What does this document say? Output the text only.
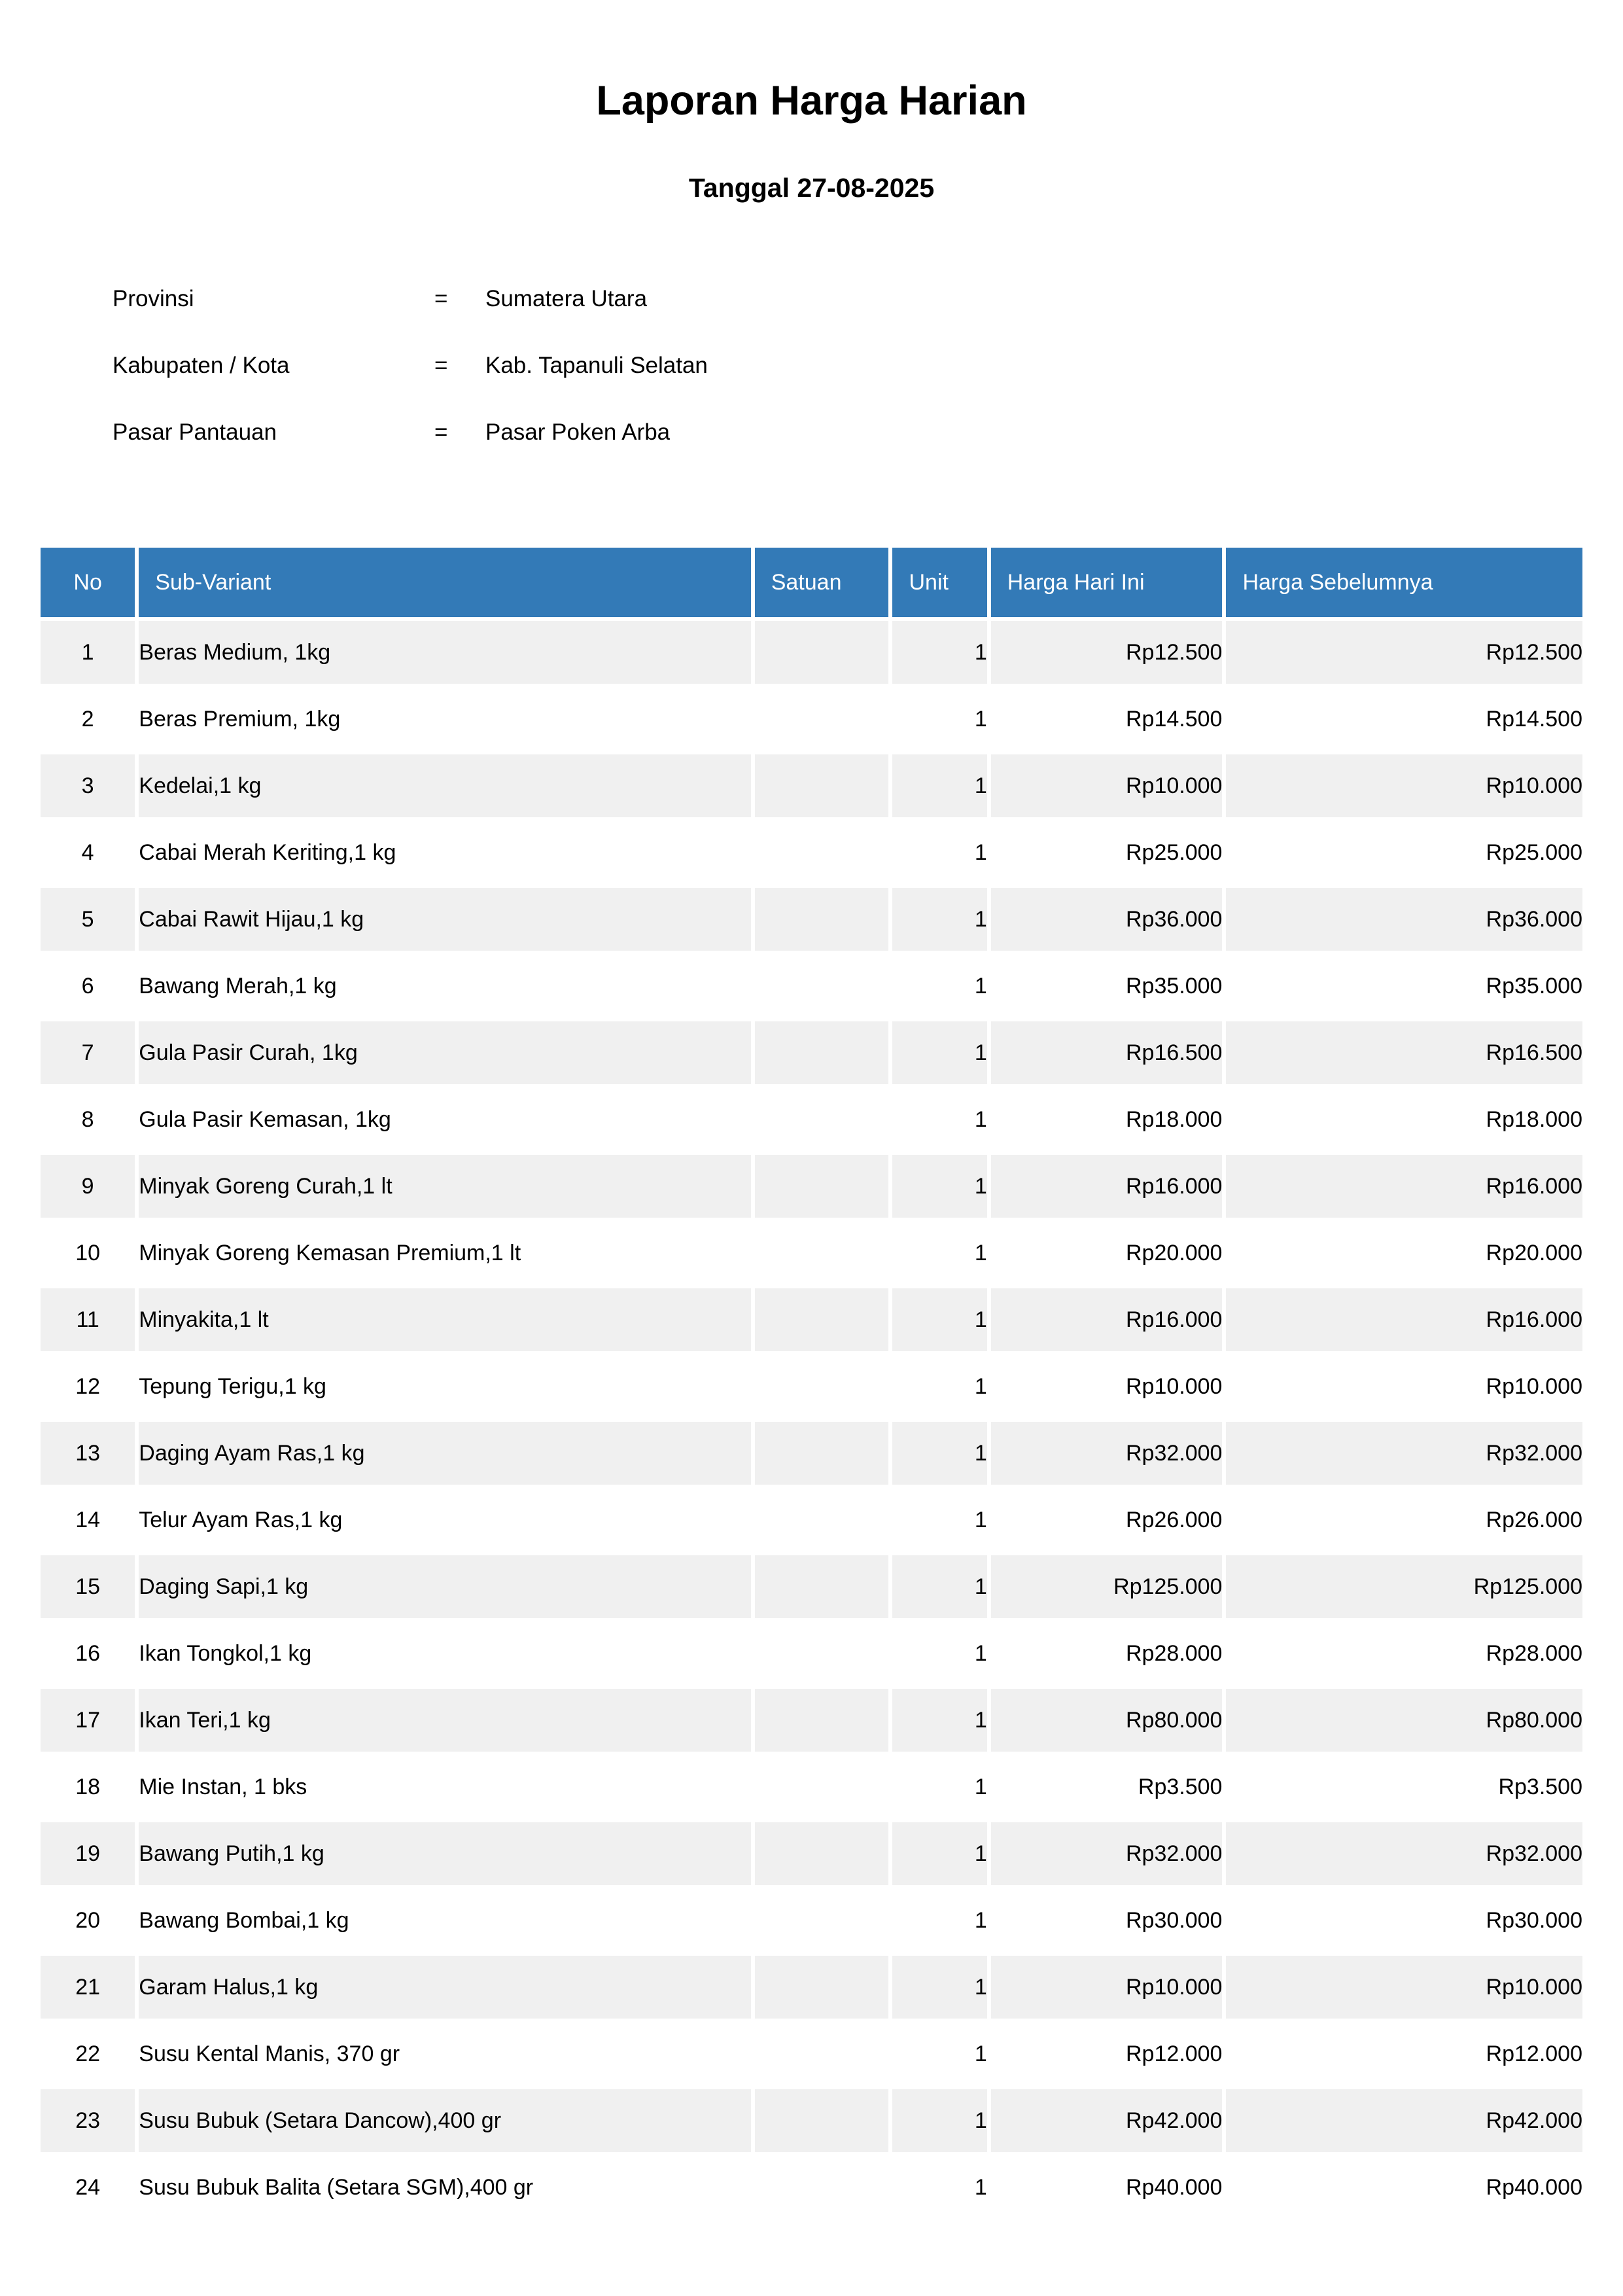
Laporan Harga Harian
Tanggal 27-08-2025
Provinsi	=	Sumatera Utara
Kabupaten / Kota	=	Kab. Tapanuli Selatan
Pasar Pantauan	=	Pasar Poken Arba
No	Sub-Variant	Satuan	Unit	Harga Hari Ini	Harga Sebelumnya
1	Beras Medium, 1kg		1	Rp12.500	Rp12.500
2	Beras Premium, 1kg		1	Rp14.500	Rp14.500
3	Kedelai,1 kg		1	Rp10.000	Rp10.000
4	Cabai Merah Keriting,1 kg		1	Rp25.000	Rp25.000
5	Cabai Rawit Hijau,1 kg		1	Rp36.000	Rp36.000
6	Bawang Merah,1 kg		1	Rp35.000	Rp35.000
7	Gula Pasir Curah, 1kg		1	Rp16.500	Rp16.500
8	Gula Pasir Kemasan, 1kg		1	Rp18.000	Rp18.000
9	Minyak Goreng Curah,1 lt		1	Rp16.000	Rp16.000
10	Minyak Goreng Kemasan Premium,1 lt		1	Rp20.000	Rp20.000
11	Minyakita,1 lt		1	Rp16.000	Rp16.000
12	Tepung Terigu,1 kg		1	Rp10.000	Rp10.000
13	Daging Ayam Ras,1 kg		1	Rp32.000	Rp32.000
14	Telur Ayam Ras,1 kg		1	Rp26.000	Rp26.000
15	Daging Sapi,1 kg		1	Rp125.000	Rp125.000
16	Ikan Tongkol,1 kg		1	Rp28.000	Rp28.000
17	Ikan Teri,1 kg		1	Rp80.000	Rp80.000
18	Mie Instan, 1 bks		1	Rp3.500	Rp3.500
19	Bawang Putih,1 kg		1	Rp32.000	Rp32.000
20	Bawang Bombai,1 kg		1	Rp30.000	Rp30.000
21	Garam Halus,1 kg		1	Rp10.000	Rp10.000
22	Susu Kental Manis, 370 gr		1	Rp12.000	Rp12.000
23	Susu Bubuk (Setara Dancow),400 gr		1	Rp42.000	Rp42.000
24	Susu Bubuk Balita (Setara SGM),400 gr		1	Rp40.000	Rp40.000
